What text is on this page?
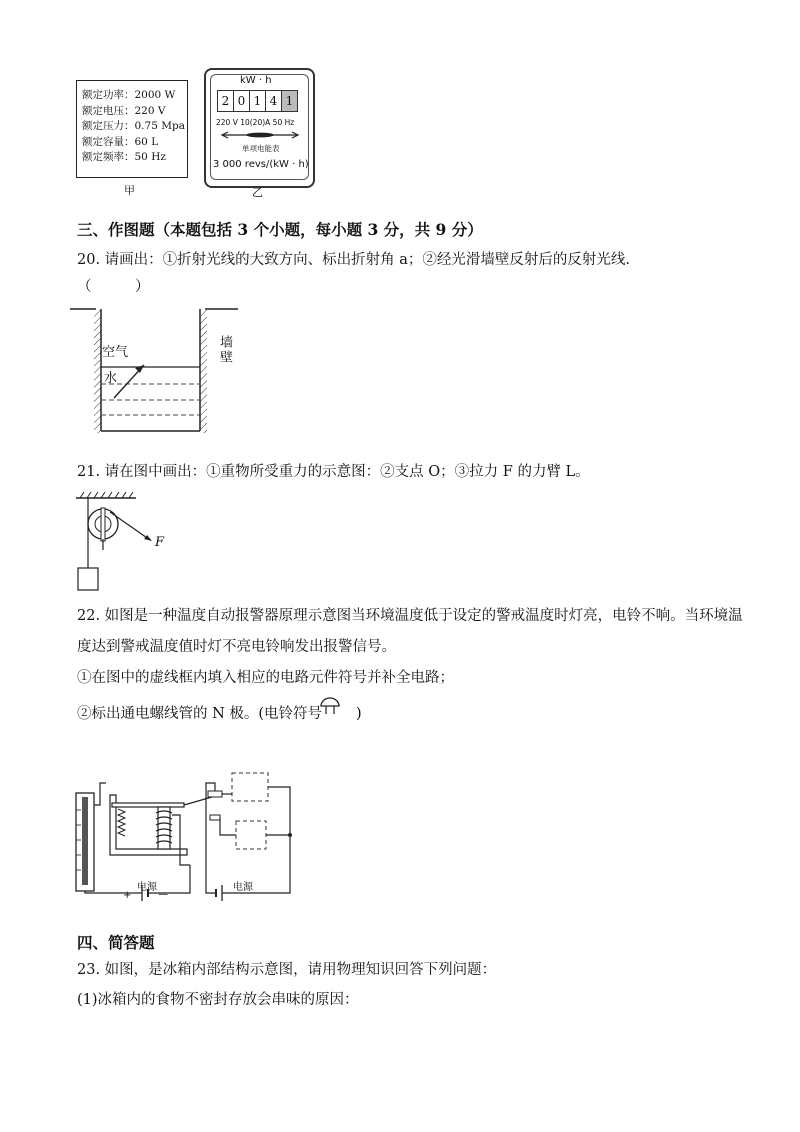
额定功率：2000 W
额定电压：220 V
额定压力：0.75 Mpa
额定容量：60 L
额定频率：50 Hz
甲
kW · h
2 0 1 4 1
220 V 10(20)A 50 Hz
单项电能表
3 000 revs/(kW · h)
乙
三、作图题（本题包括 3 个小题，每小题 3 分，共 9 分）
20. 请画出：①折射光线的大致方向、标出折射角 a；②经光滑墙壁反射后的反射光线.
（　　　）
空气
水
墙壁
21. 请在图中画出：①重物所受重力的示意图：②支点 O；③拉力 F 的力臂 L。
F
22. 如图是一种温度自动报警器原理示意图当环境温度低于设定的警戒温度时灯亮，电铃不响。当环境温
度达到警戒温度值时灯不亮电铃响发出报警信号。
①在图中的虚线框内填入相应的电路元件符号并补全电路；
②标出通电螺线管的 N 极。(电铃符号 )
电源	电源
+	—
四、简答题
23. 如图，是冰箱内部结构示意图，请用物理知识回答下列问题：
(1)冰箱内的食物不密封存放会串味的原因：
